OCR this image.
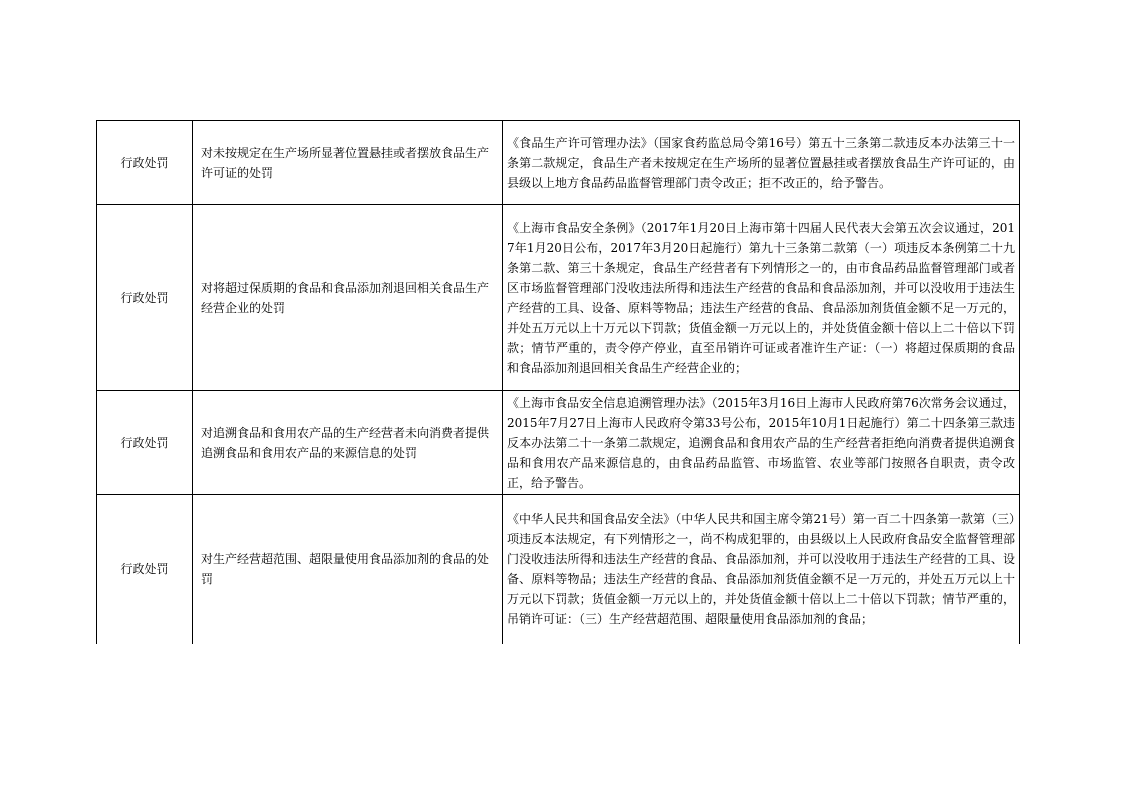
行政处罚	对未按规定在生产场所显著位置悬挂或者摆放食品生产许可证的处罚	《食品生产许可管理办法》（国家食药监总局令第16号）第五十三条第二款违反本办法第三十一条第二款规定，食品生产者未按规定在生产场所的显著位置悬挂或者摆放食品生产许可证的，由县级以上地方食品药品监督管理部门责令改正；拒不改正的，给予警告。
行政处罚	对将超过保质期的食品和食品添加剂退回相关食品生产经营企业的处罚	《上海市食品安全条例》（2017年1月20日上海市第十四届人民代表大会第五次会议通过，2017年1月20日公布，2017年3月20日起施行）第九十三条第二款第（一）项违反本条例第二十九条第二款、第三十条规定，食品生产经营者有下列情形之一的，由市食品药品监督管理部门或者区市场监督管理部门没收违法所得和违法生产经营的食品和食品添加剂，并可以没收用于违法生产经营的工具、设备、原料等物品；违法生产经营的食品、食品添加剂货值金额不足一万元的，并处五万元以上十万元以下罚款；货值金额一万元以上的，并处货值金额十倍以上二十倍以下罚款；情节严重的，责令停产停业，直至吊销许可证或者准许生产证：（一）将超过保质期的食品和食品添加剂退回相关食品生产经营企业的；
行政处罚	对追溯食品和食用农产品的生产经营者未向消费者提供追溯食品和食用农产品的来源信息的处罚	《上海市食品安全信息追溯管理办法》（2015年3月16日上海市人民政府第76次常务会议通过，2015年7月27日上海市人民政府令第33号公布，2015年10月1日起施行）第二十四条第三款违反本办法第二十一条第二款规定，追溯食品和食用农产品的生产经营者拒绝向消费者提供追溯食品和食用农产品来源信息的，由食品药品监管、市场监管、农业等部门按照各自职责，责令改正，给予警告。
行政处罚	对生产经营超范围、超限量使用食品添加剂的食品的处罚	《中华人民共和国食品安全法》（中华人民共和国主席令第21号）第一百二十四条第一款第（三）项违反本法规定，有下列情形之一，尚不构成犯罪的，由县级以上人民政府食品安全监督管理部门没收违法所得和违法生产经营的食品、食品添加剂，并可以没收用于违法生产经营的工具、设备、原料等物品；违法生产经营的食品、食品添加剂货值金额不足一万元的，并处五万元以上十万元以下罚款；货值金额一万元以上的，并处货值金额十倍以上二十倍以下罚款；情节严重的，吊销许可证：（三）生产经营超范围、超限量使用食品添加剂的食品；
